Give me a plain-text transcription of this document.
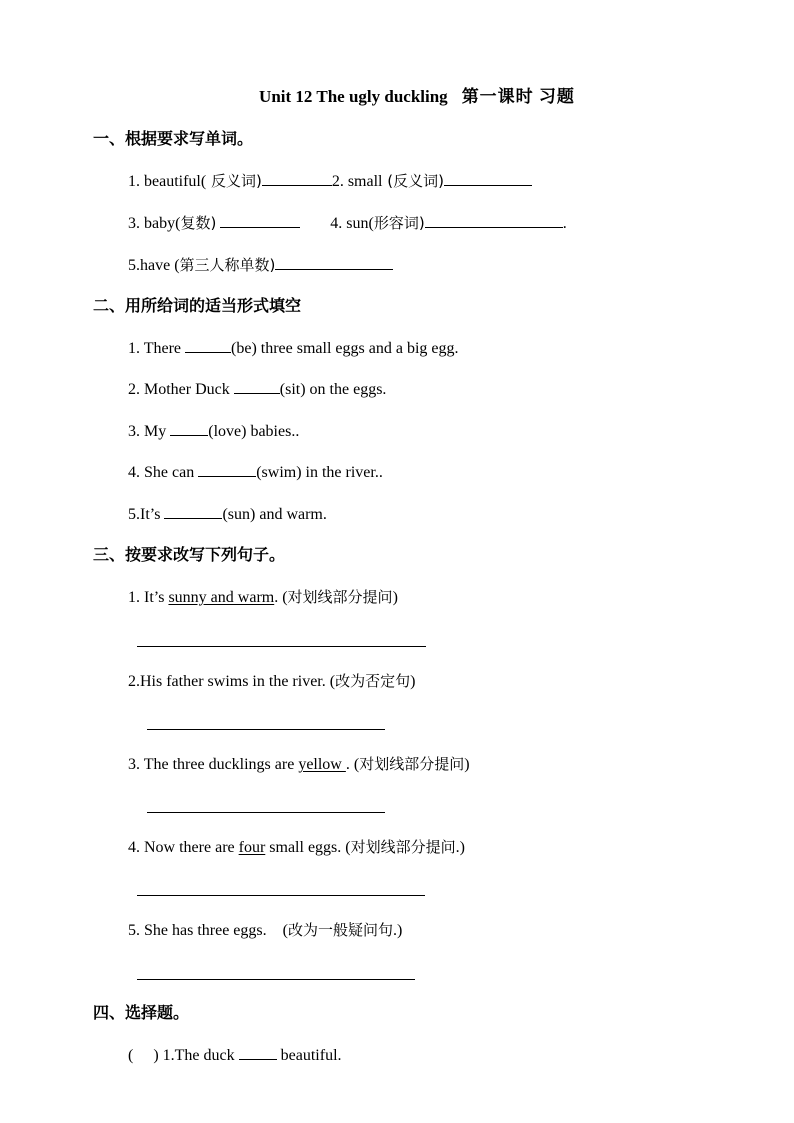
Unit 12 The ugly duckling 第一课时 习题
一、根据要求写单词。
1. beautiful( 反义词)	2. small (反义词)
3. baby(复数)	4. sun(形容词)	.
5.have (第三人称单数)
二、用所给词的适当形式填空
1. There	(be) three small eggs and a big egg.
2. Mother Duck	(sit) on the eggs.
3. My (love) babies..
4. She can	(swim) in the river..
5.It’s	(sun) and warm.
三、按要求改写下列句子。
1. It’s sunny and warm. (对划线部分提问)
2.His father swims in the river. (改为否定句)
3. The three ducklings are yellow . (对划线部分提问)
4. Now there are four small eggs. (对划线部分提问.)
5. She has three eggs.    (改为一般疑问句.)
四、选择题。
(     ) 1.The duck  beautiful.
